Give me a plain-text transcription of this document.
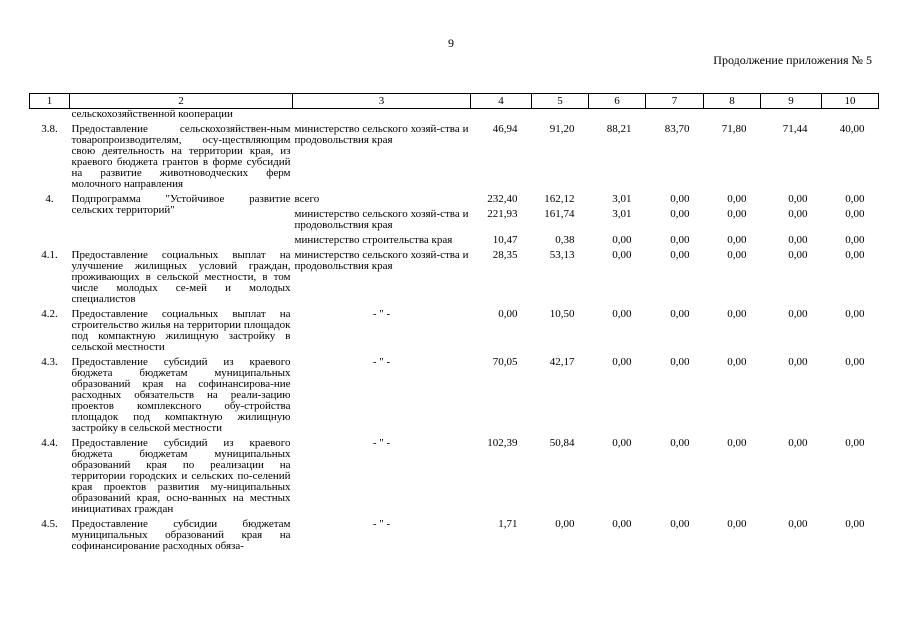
9
Продолжение приложения № 5
1	2	3	4	5	6	7	8	9	10
	сельскохозяйственной кооперации								
3.8.	Предоставление сельскохозяйствен-ным товаропроизводителям, осу-ществляющим свою деятельность на территории края, из краевого бюджета грантов в форме субсидий на развитие животноводческих ферм молочного направления	министерство сельского хозяй-ства и продовольствия края	46,94	91,20	88,21	83,70	71,80	71,44	40,00
4.	Подпрограмма "Устойчивое развитие сельских территорий"	всего	232,40	162,12	3,01	0,00	0,00	0,00	0,00
		министерство сельского хозяй-ства и продовольствия края	221,93	161,74	3,01	0,00	0,00	0,00	0,00
		министерство строительства края	10,47	0,38	0,00	0,00	0,00	0,00	0,00
4.1.	Предоставление социальных выплат на улучшение жилищных условий граждан, проживающих в сельской местности, в том числе молодых се-мей и молодых специалистов	министерство сельского хозяй-ства и продовольствия края	28,35	53,13	0,00	0,00	0,00	0,00	0,00
4.2.	Предоставление социальных выплат на строительство жилья на территории площадок под компактную жилищную застройку в сельской местности	- " -	0,00	10,50	0,00	0,00	0,00	0,00	0,00
4.3.	Предоставление субсидий из краевого бюджета бюджетам муниципальных образований края на софинансирова-ние расходных обязательств на реали-зацию проектов комплексного обу-стройства площадок под компактную жилищную застройку в сельской местности	- " -	70,05	42,17	0,00	0,00	0,00	0,00	0,00
4.4.	Предоставление субсидий из краевого бюджета бюджетам муниципальных образований края по реализации на территории городских и сельских по-селений края проектов развития му-ниципальных образований края, осно-ванных на местных инициативах граждан	- " -	102,39	50,84	0,00	0,00	0,00	0,00	0,00
4.5.	Предоставление субсидии бюджетам муниципальных образований края на софинансирование расходных обяза-	- " -	1,71	0,00	0,00	0,00	0,00	0,00	0,00
